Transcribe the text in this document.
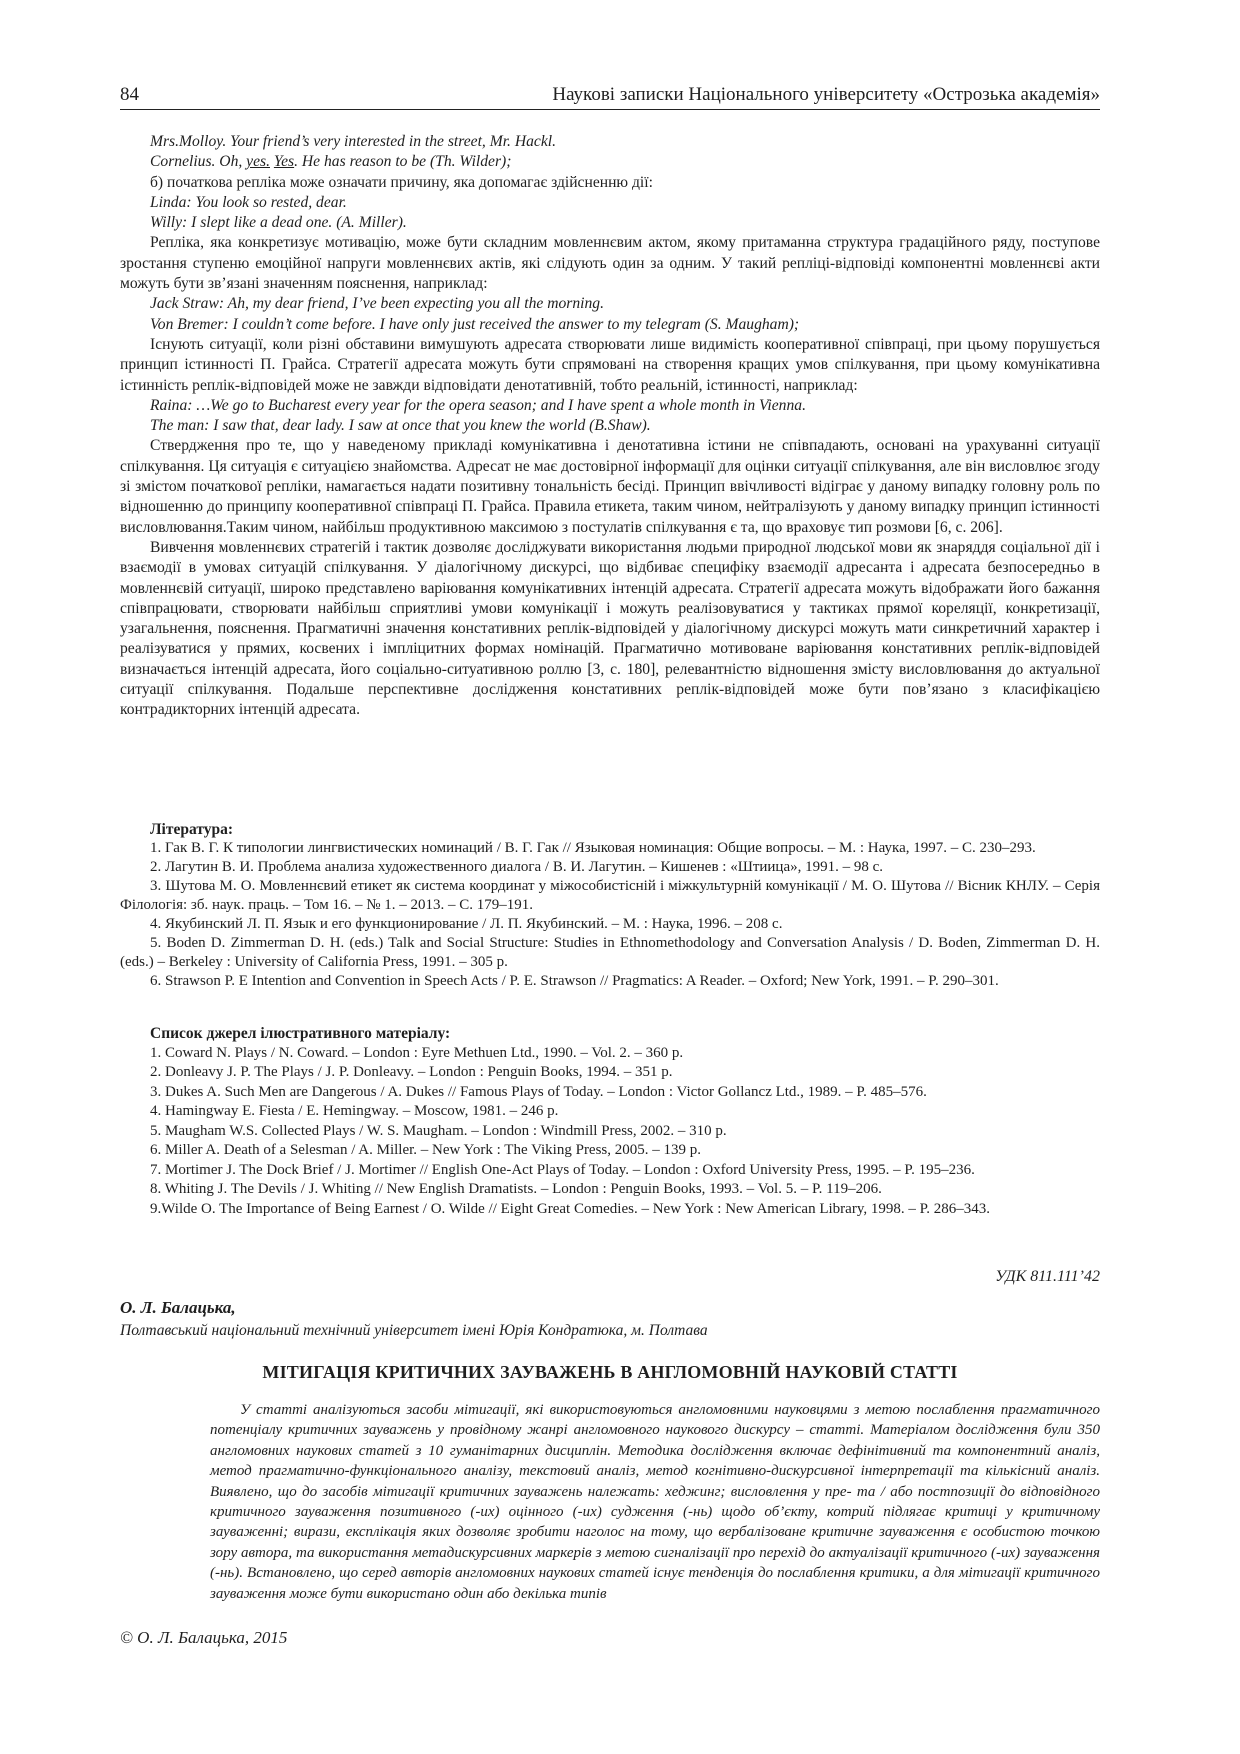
84	Наукові записки Національного університету «Острозька академія»

Mrs.Molloy. Your friend’s very interested in the street, Mr. Hackl.

Cornelius. Oh, yes. Yes. He has reason to be (Th. Wilder);

б) початкова репліка може означати причину, яка допомагає здійсненню дії:

Linda: You look so rested, dear.

Willy: I slept like a dead one. (A. Miller).

Репліка, яка конкретизує мотивацію, може бути складним мовленнєвим актом, якому притаманна структура градаційного ряду, поступове зростання ступеню емоційної напруги мовленнєвих актів, які слідують один за одним. У такий репліці-відповіді компонентні мовленнєві акти можуть бути зв’язані значенням пояснення, наприклад:

Jack Straw: Ah, my dear friend, I’ve been expecting you all the morning.

Von Bremer: I couldn’t come before. I have only just received the answer to my telegram (S. Maugham);

Існують ситуації, коли різні обставини вимушують адресата створювати лише видимість кооперативної співпраці, при цьому порушується принцип істинності П. Грайса. Стратегії адресата можуть бути спрямовані на створення кращих умов спілкування, при цьому комунікативна істинність реплік-відповідей може не завжди відповідати денотативній, тобто реальній, істинності, наприклад:

Raina: …We go to Bucharest every year for the opera season; and I have spent a whole month in Vienna.

The man: I saw that, dear lady. I saw at once that you knew the world (B.Shaw).

Ствердження про те, що у наведеному прикладі комунікативна і денотативна істини не співпадають, основані на урахуванні ситуації спілкування. Ця ситуація є ситуацією знайомства. Адресат не має достовірної інформації для оцінки ситуації спілкування, але він висловлює згоду зі змістом початкової репліки, намагається надати позитивну тональність бесіді. Принцип ввічливості відіграє у даному випадку головну роль по відношенню до принципу кооперативної співпраці П. Грайса. Правила етикета, таким чином, нейтралізують у даному випадку принцип істинності висловлювання.Таким чином, найбільш продуктивною максимою з постулатів спілкування є та, що враховує тип розмови [6, с. 206].

Вивчення мовленнєвих стратегій і тактик дозволяє досліджувати використання людьми природної людської мови як знаряддя соціальної дії і взаємодії в умовах ситуацій спілкування. У діалогічному дискурсі, що відбиває специфіку взаємодії адресанта і адресата безпосередньо в мовленнєвій ситуації, широко представлено варіювання комунікативних інтенцій адресата. Стратегії адресата можуть відображати його бажання співпрацювати, створювати найбільш сприятливі умови комунікації і можуть реалізовуватися у тактиках прямої кореляції, конкретизації, узагальнення, пояснення. Прагматичні значення констативних реплік-відповідей у діалогічному дискурсі можуть мати синкретичний характер і реалізуватися у прямих, косвених і імпліцитних формах номінацій. Прагматично мотивоване варіювання констативних реплік-відповідей визначається інтенцій адресата, його соціально-ситуативною роллю [3, с. 180], релевантністю відношення змісту висловлювання до актуальної ситуації спілкування. Подальше перспективне дослідження констативних реплік-відповідей може бути пов’язано з класифікацією контрадикторних інтенцій адресата.

Література:

1. Гак В. Г. К типологии лингвистических номинаций / В. Г. Гак // Языковая номинация: Общие вопросы. – М. : Наука, 1997. – С. 230–293.

2. Лагутин В. И. Проблема анализа художественного диалога / В. И. Лагутин. – Кишенев : «Штиица», 1991. – 98 с.

3. Шутова М. О. Мовленнєвий етикет як система координат у міжособистісній і міжкультурній комунікації / М. О. Шутова // Вісник КНЛУ. – Серія Філологія: зб. наук. праць. – Том 16. – № 1. – 2013. – С. 179–191.

4. Якубинский Л. П. Язык и его функционирование / Л. П. Якубинский. – М. : Наука, 1996. – 208 с.

5. Boden D. Zimmerman D. H. (eds.) Talk and Social Structure: Studies in Ethnomethodology and Conversation Analysis / D. Boden, Zimmerman D. H. (eds.) – Berkeley : University of California Press, 1991. – 305 p.

6. Strawson P. E Intention and Convention in Speech Acts / P. E. Strawson // Pragmatics: A Reader. – Oxford; New York, 1991. – P. 290–301.

Список джерел ілюстративного матеріалу:

1. Coward N. Plays / N. Coward. – London : Eyre Methuen Ltd., 1990. – Vol. 2. – 360 p.

2. Donleavy J. P. The Plays / J. P. Donleavy. – London : Penguin Books, 1994. – 351 p.

3. Dukes A. Such Men are Dangerous / A. Dukes // Famous Plays of Today. – London : Victor Gollancz Ltd., 1989. – P. 485–576.

4. Hamingway E. Fiesta / E. Hemingway. – Moscow, 1981. – 246 p.

5. Maugham W.S. Collected Plays / W. S. Maugham. – London : Windmill Press, 2002. – 310 p.

6. Miller A. Death of a Selesman / A. Miller. – New York : The Viking Press, 2005. – 139 p.

7. Mortimer J. The Dock Brief / J. Mortimer // English One-Act Plays of Today. – London : Oxford University Press, 1995. – P. 195–236.

8. Whiting J. The Devils / J. Whiting // New English Dramatists. – London : Penguin Books, 1993. – Vol. 5. – P. 119–206.

9.Wilde O. The Importance of Being Earnest / O. Wilde // Eight Great Comedies. – New York : New American Library, 1998. – P. 286–343.

УДК 811.111’42
О. Л. Балацька,
Полтавський національний технічний університет імені Юрія Кондратюка, м. Полтава
МІТИГАЦІЯ КРИТИЧНИХ ЗАУВАЖЕНЬ В АНГЛОМОВНІЙ НАУКОВІЙ СТАТТІ

У статті аналізуються засоби мітигації, які використовуються англомовними науковцями з метою послаблення прагматичного потенціалу критичних зауважень у провідному жанрі англомовного наукового дискурсу – статті. Матеріалом дослідження були 350 англомовних наукових статей з 10 гуманітарних дисциплін. Методика дослідження включає дефінітивний та компонентний аналіз, метод прагматично-функціонального аналізу, текстовий аналіз, метод когнітивно-дискурсивної інтерпретації та кількісний аналіз. Виявлено, що до засобів мітигації критичних зауважень належать: хеджинг; висловлення у пре- та / або постпозиції до відповідного критичного зауваження позитивного (-их) оцінного (-их) судження (-нь) щодо об’єкту, котрий підлягає критиці у критичному зауваженні; вирази, експлікація яких дозволяє зробити наголос на тому, що вербалізоване критичне зауваження є особистою точкою зору автора, та використання метадискурсивних маркерів з метою сигналізації про перехід до актуалізації критичного (-их) зауваження (-нь). Встановлено, що серед авторів англомовних наукових статей існує тенденція до послаблення критики, а для мітигації критичного зауваження може бути використано один або декілька типів

© О. Л. Балацька, 2015
